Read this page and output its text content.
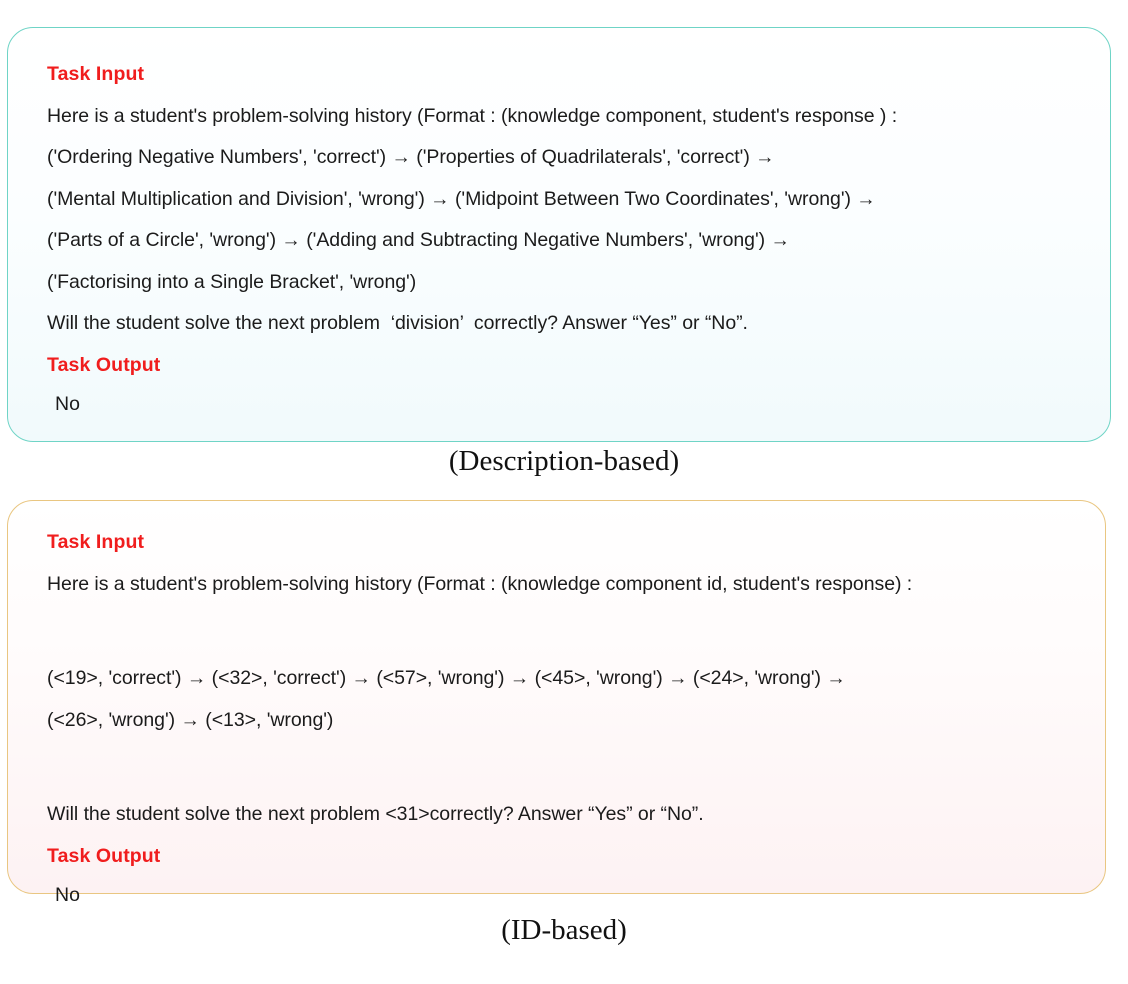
Task Input
Here is a student's problem-solving history (Format : (knowledge component, student's response ) :
('Ordering Negative Numbers', 'correct') → ('Properties of Quadrilaterals', 'correct') →
('Mental Multiplication and Division', 'wrong') → ('Midpoint Between Two Coordinates', 'wrong') →
('Parts of a Circle', 'wrong') → ('Adding and Subtracting Negative Numbers', 'wrong') →
('Factorising into a Single Bracket', 'wrong')
Will the student solve the next problem  ‘division’  correctly? Answer “Yes” or “No”.
Task Output
No
(Description-based)
Task Input
Here is a student's problem-solving history (Format : (knowledge component id, student's response) :
(<19>, 'correct') → (<32>, 'correct') → (<57>, 'wrong') → (<45>, 'wrong') → (<24>, 'wrong') →
(<26>, 'wrong') → (<13>, 'wrong')
Will the student solve the next problem <31>correctly? Answer “Yes” or “No”.
Task Output
No
(ID-based)
